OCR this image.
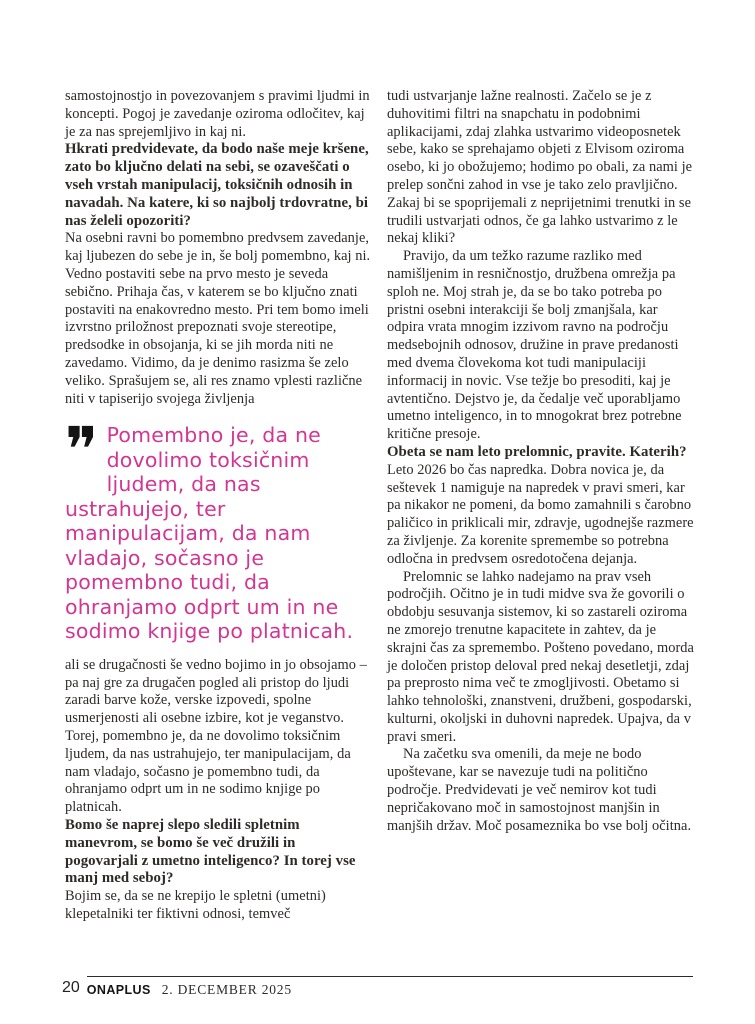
samostojnostjo in povezovanjem s pravimi ljudmi in koncepti. Pogoj je zavedanje oziroma odločitev, kaj je za nas sprejemljivo in kaj ni.

Hkrati predvidevate, da bodo naše meje kršene, zato bo ključno delati na sebi, se ozaveščati o vseh vrstah manipulacij, toksičnih odnosih in navadah. Na katere, ki so najbolj trdovratne, bi nas želeli opozoriti?

Na osebni ravni bo pomembno predvsem zavedanje, kaj ljubezen do sebe je in, še bolj pomembno, kaj ni. Vedno postaviti sebe na prvo mesto je seveda sebično. Prihaja čas, v katerem se bo ključno znati postaviti na enakovredno mesto. Pri tem bomo imeli izvrstno priložnost prepoznati svoje stereotipe, predsodke in obsojanja, ki se jih morda niti ne zavedamo. Vidimo, da je denimo rasizma še zelo veliko. Sprašujem se, ali res znamo vplesti različne niti v tapiserijo svojega življenja

❞ Pomembno je, da ne dovolimo toksičnim ljudem, da nas ustrahujejo, ter manipulacijam, da nam vladajo, sočasno je pomembno tudi, da ohranjamo odprt um in ne sodimo knjige po platnicah.

ali se drugačnosti še vedno bojimo in jo obsojamo – pa naj gre za drugačen pogled ali pristop do ljudi zaradi barve kože, verske izpovedi, spolne usmerjenosti ali osebne izbire, kot je veganstvo. Torej, pomembno je, da ne dovolimo toksičnim ljudem, da nas ustrahujejo, ter manipulacijam, da nam vladajo, sočasno je pomembno tudi, da ohranjamo odprt um in ne sodimo knjige po platnicah.

Bomo še naprej slepo sledili spletnim manevrom, se bomo še več družili in pogovarjali z umetno inteligenco? In torej vse manj med seboj?

Bojim se, da se ne krepijo le spletni (umetni) klepetalniki ter fiktivni odnosi, temveč

tudi ustvarjanje lažne realnosti. Začelo se je z duhovitimi filtri na snapchatu in podobnimi aplikacijami, zdaj zlahka ustvarimo videoposnetek sebe, kako se sprehajamo objeti z Elvisom oziroma osebo, ki jo obožujemo; hodimo po obali, za nami je prelep sončni zahod in vse je tako zelo pravljično. Zakaj bi se spoprijemali z neprijetnimi trenutki in se trudili ustvarjati odnos, če ga lahko ustvarimo z le nekaj kliki?

Pravijo, da um težko razume razliko med namišljenim in resničnostjo, družbena omrežja pa sploh ne. Moj strah je, da se bo tako potreba po pristni osebni interakciji še bolj zmanjšala, kar odpira vrata mnogim izzivom ravno na področju medsebojnih odnosov, družine in prave predanosti med dvema človekoma kot tudi manipulaciji informacij in novic. Vse težje bo presoditi, kaj je avtentično. Dejstvo je, da čedalje več uporabljamo umetno inteligenco, in to mnogokrat brez potrebne kritične presoje.

Obeta se nam leto prelomnic, pravite. Katerih?

Leto 2026 bo čas napredka. Dobra novica je, da seštevek 1 namiguje na napredek v pravi smeri, kar pa nikakor ne pomeni, da bomo zamahnili s čarobno paličico in priklicali mir, zdravje, ugodnejše razmere za življenje. Za korenite spremembe so potrebna odločna in predvsem osredotočena dejanja.

Prelomnic se lahko nadejamo na prav vseh področjih. Očitno je in tudi midve sva že govorili o obdobju sesuvanja sistemov, ki so zastareli oziroma ne zmorejo trenutne kapacitete in zahtev, da je skrajni čas za spremembo. Pošteno povedano, morda je določen pristop deloval pred nekaj desetletji, zdaj pa preprosto nima več te zmogljivosti. Obetamo si lahko tehnološki, znanstveni, družbeni, gospodarski, kulturni, okoljski in duhovni napredek. Upajva, da v pravi smeri.

Na začetku sva omenili, da meje ne bodo upoštevane, kar se navezuje tudi na politično področje. Predvidevati je več nemirov kot tudi nepričakovano moč in samostojnost manjšin in manjših držav. Moč posameznika bo vse bolj očitna.

20 ONAPLUS 2. DECEMBER 2025
